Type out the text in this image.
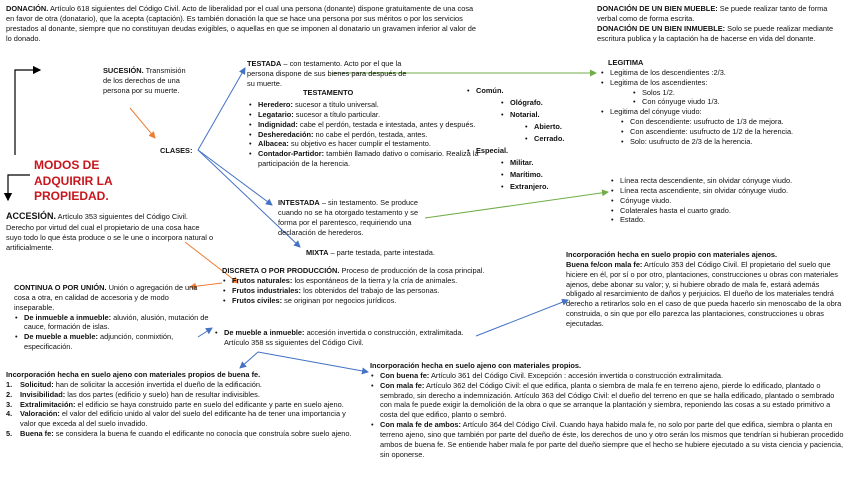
DONACIÓN. Artículo 618 siguientes del Código Civil. Acto de liberalidad por el cual una persona (donante) dispone gratuitamente de una cosa en favor de otra (donatario), que la acepta (captación). Es también donación la que se hace una persona por sus méritos o por los servicios prestados al donante, siempre que no constituyan deudas exigibles, o aquellas en que se imponen al donatario un gravamen inferior al valor de lo donado.
DONACIÓN DE UN BIEN MUEBLE: Se puede realizar tanto de forma verbal como de forma escrita.
DONACIÓN DE UN BIEN INMUEBLE: Solo se puede realizar mediante escritura publica y la captación ha de hacerse en vida del donante.
MODOS DE ADQUIRIR LA PROPIEDAD.
SUCESIÓN. Transmisión de los derechos de una persona por su muerte.
CLASES:
TESTADA – con testamento. Acto por el que la persona dispone de sus bienes para después de su muerte.
TESTAMENTO
• Heredero: sucesor a título universal.
• Legatario: sucesor a título particular.
• Indignidad: cabe el perdón, testada e intestada, antes y después.
• Desheredación: no cabe el perdón, testada, antes.
• Albacea: su objetivo es hacer cumplir el testamento.
• Contador-Partidor: también llamado dativo o comisario. Realiza la participación de la herencia.
• Común.
• Ológrafo.
• Notarial.
• Abierto.
• Cerrado.
• Especial.
• Militar.
• Marítimo.
• Extranjero.
LEGITIMA
• Legitima de los descendientes :2/3.
• Legitima de los ascendientes:
• Solos 1/2.
• Con cónyuge viudo 1/3.
• Legitima del cónyuge viudo:
• Con descendiente: usufructo de 1/3 de mejora.
• Con ascendiente: usufructo de 1/2 de la herencia.
• Solo: usufructo de 2/3 de la herencia.
• Línea recta descendiente, sin olvidar cónyuge viudo.
• Línea recta ascendiente, sin olvidar cónyuge viudo.
• Cónyuge viudo.
• Colaterales hasta el cuarto grado.
• Estado.
INTESTADA – sin testamento. Se produce cuando no se ha otorgado testamento y se forma por el parentesco, requiriendo una declaración de herederos.
MIXTA – parte testada, parte intestada.
ACCESIÓN. Artículo 353 siguientes del Código Civil. Derecho por virtud del cual el propietario de una cosa hace suyo todo lo que ésta produce o se le une o incorpora natural o artificialmente.
DISCRETA O POR PRODUCCIÓN. Proceso de producción de la cosa principal.
• Frutos naturales: los espontáneos de la tierra y la cría de animales.
• Frutos industriales: los obtenidos del trabajo de las personas.
• Frutos civiles: se originan por negocios jurídicos.
CONTINUA O POR UNIÓN. Unión o agregación de una cosa a otra, en calidad de accesoria y de modo inseparable.
• De inmueble a inmueble: aluvión, alusión, mutación de cauce, formación de islas.
• De mueble a mueble: adjunción, conmixtión, especificación.
• De mueble a inmueble: accesión invertida o construcción, extralimitada. Artículo 358 ss siguientes del Código Civil.
Incorporación hecha en suelo propio con materiales ajenos.
Buena fe/con mala fe: Artículo 353 del Código Civil. El propietario del suelo que hiciere en él, por sí o por otro, plantaciones, construcciones u obras con materiales ajenos, debe abonar su valor; y, si hubiere obrado de mala fe, estará además obligado al resarcimiento de daños y perjuicios. El dueño de los materiales tendrá derecho a retirarlos solo en el caso de que pueda hacerlo sin menoscabo de la obra construida, o sin que por ello parezca las plantaciones, construcciones u obras ejecutadas.
Incorporación hecha en suelo ajeno con materiales propios de buena fe.
1. Solicitud: han de solicitar la accesión invertida el dueño de la edificación.
2. Invisibilidad: las dos partes (edificio y suelo) han de resultar indivisibles.
3. Extralimitación: el edificio se haya construido parte en suelo del edificante y parte en suelo ajeno.
4. Valoración: el valor del edificio unido al valor del suelo del edificante ha de tener una importancia y valor que exceda al del suelo invadido.
5. Buena fe: se considera la buena fe cuando el edificante no conocía que construía sobre suelo ajeno.
Incorporación hecha en suelo ajeno con materiales propios.
• Con buena fe: Artículo 361 del Código Civil. Excepción : accesión invertida o construcción extralimitada.
• Con mala fe: Artículo 362 del Código Civil: el que edifica, planta o siembra de mala fe en terreno ajeno, pierde lo edificado, plantado o sembrado, sin derecho a indemnización. Artículo 363 del Código Civil: el dueño del terreno en que se halla edificado, plantado o sembrado con mala fe puede exigir la demolición de la obra o que se arranque la plantación y siembra, reponiendo las cosas a su estado primitivo a costa del que edifico, planto o sembró.
• Con mala fe de ambos: Artículo 364 del Código Civil. Cuando haya habido mala fe, no solo por parte del que edifica, siembra o planta en terreno ajeno, sino que también por parte del dueño de éste, los derechos de uno y otro serán los mismos que tendrían si hubieran procedido ambos de buena fe. Se entiende haber mala fe por parte del dueño siempre que el hecho se hubiere ejecutado a su vista ciencia y paciencia, sin oponerse.
